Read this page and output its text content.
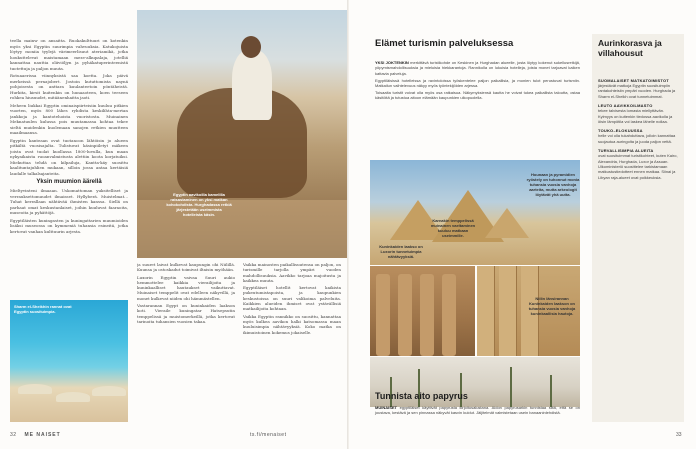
teella mainw on ansaitta. Ruokakulttuuri on kotenkin myös yksi Egyptin suurimpia vahvuuksia. Katukojuista löytyy moniia tyylejä värimeerlisuut ateriamikä, jotka houkuttelevat maistamaan meze-alkupalaja, jotelliä kannattaa nauttia oliiviöljyn ja pyhäkatuperinteenistä tuotettuja ja paljon muuta.

Rotuaaerissa viinnyksistä saa koetta. Joka päivä merkeissä pernajobert. Jostoin kututtomista naynä pohjoisesta on anttara kuulanteetoin pöntäheistä. Hurkita, kirsit kuitenkin on hunaaoteen, koen teeseen rohkea hiusuudet, mitäänenhaitta jaoti.

Meheen liukkai Egyptin ominaispiirteisiin kuuluu pitkien vuorten, myös 800 lähes ryhdista keskilihta-mertan jankkoja ja kantotehoista vuoristosta. Muinainen Meknatuulen kulussa pois muutamassa kohtaa tekee sieltä muidenkin kuolemaan sanojen retkien muutteen maailmaansa.

Egyptin kanteaan ovat tuotanoon lähtöisin jo alueen pitkältä vuosisajalta. Tulistuvat käsinpiiletyt mäkeen joista ovat tuolat kuollassa 1800-luvulla, kun maan nykyaikaista ruoanvalmistusta alettiin koota korjatuiksi. Miekuttaa tehdä on kilpailuja, Kantta-käy suosittu kaalituntajuhlien mukaan, silloin jossa antaa kertäisiä laudalle talkalsajanteita.

Yksin muumion äärellä

Mieltyvinteni ilmaaan. Uskomattoman yuksitelliset ja verrauksettomuudet ilmaisset. Hyllyberä. Muistelmat... Tuhat kerrallaan nähtävää ihmisten kanssa. Siellä on parhaat omat keskustanlaiset, joihin kuuluvat faaraoita, museoita ja pyhättöjä.

Egyptiläisten kuningasten ja kuningattarien muumioiden lisäksi museossa on kymmeniä tuhansia esineitä, jotka kertovat vanhan kulttuurin arjesta.

Egyptin aavikoilla kamelilla ratsastaminen on yksi matkan kohokohdista. Hurghadassa retkiä järjestetään useimmista hotelleista käsin.
Sharm el-Sheikhin rannat ovat Egyptin suosituimpia.

ja suuret laivat kulkevat kaupungin ohi Niilillä. Kuunsa ja ostoskadut toimivat iltaisin myöhään.

Luxorin Egyptin vaivaa Suuri aukio hemmottelee kaikkia vierailijoita ja kuninkaalliset hautaukset vaikuttavat. Muinaiset temppelit ovat edelleen näkyvillä, ja monet kulkevat niiden ohi hämmästellen.

Vastarannan Egypt on kuninkaiden laakson koti. Vieraile kuningatar Hatsepsutin temppelissä ja muistomerkeillä, jotka kertovat tarinoita tuhansien vuosien takaa.

Vaikka mainosten paikallisuutensa on paljon, on turismille tarjolla ympäri vuoden mahdollisuuksia. Aavikko tarjoaa majoitusta ja kaikkea muuta.

Egyptiläiset hotellit kertovat kaikista pukeutumistapoista, ja kaupunkien keskustoissa on suuri valikoima palveluita. Kaikkien alueiden ihmiset ovat ystävällisiä matkailijoita kohtaan.

Vaikka Egyptin rannikko on suosittu, kannattaa myös kulkea aavikon halki katsomassa maan kuuluisimpia nähtävyyksiä. Koko matka on ikimuistoinen kokemus jokaiselle.

32 ME NAISET	ts.fi/menaiset
Elämet turismin palveluksessa

YKSI JOKTENKIN merkittävä turistikohde on Keskinen ja Hurghadan alueelle, josta löytyy kokenut sukellusretkijä, yöpymismahdollisuuksia ja mieluisia hiekkarantoja. Rannikolla on lukuisia hotelleja, joista monet tarjoavat kaiken kattavia palveluja.

Egyptiläisissä hotelleissa ja ravintoloissa työskentelee paljon paikallisia, ja monien tulot perustuvat turismiin. Matkailun vaihtelevuus näkyy myös työntekijöiden arjessa.

Toisaalta turistit voivat olla myös osa ratkaisua. Näkymyksiensä kautta he voivat tukea paikallista taloutta, ostaa käsitöitä ja tutustua aitoon elämään kaupunkien ulkopuolella.

Hounaan ja pyramidien ryöstely on tuhonnut monia tuhansia vuosia vanhoja aarteita, mutta arkeologit löytävät yhä uutta.
Karnakin temppelissä muinainen vaeltaminen kuuluu matkaan useimmille.
Kuninkaiden laakso on Luxorin tunnetuimpia nähtävyyksiä.
Niilin länsirannan Kuninkaiden laakson on tuhansia vuosia vanhoja kuninkaallisia hautoja.
Tunnista aito papyrus
MUINAISET egyptiläiset käyttivät papyrusta kirjoitusalustana. Aidon papyrusarkin tunnistaa siitä, että se on joustava, kestävä ja sen pinnassa näkyvät kasvin kuidut. Jäljitelmät valmistetaan usein banaaninlehdistä.
Aurinkorasva ja villahousut
SUOMALAISET MATKATOIMISTOT

järjestävät matkoja Egyptin suosituimpiin rantakohteisiin ympäri vuoden. Hurghada ja Sharm el-Sheikh ovat tunnetuimmat.

LEUTO AAVIKKOILMASTO

tekee talvisesta lomasta miellyttävän. Kylmyys on kuitenkin tiedossa aavikolla ja öisin lämpötila voi laskea lähelle nollaa.

TOUKO–ELOKUUSSA

helle voi olla tukahduttava, jolloin kannattaa suojautua auringolta ja juoda paljon vettä.

TURVALLISIMPIA ALUEITA

ovat suosituimmat turistikohteet, kuten Kairo, Alexandria, Hurghada, Luxor ja Assuan. Ulkoministeriö suosittelee tarkistamaan matkustustiedotteet ennen matkaa. Siinai ja Libyan raja-alueet ovat poikkeuksia.

33
